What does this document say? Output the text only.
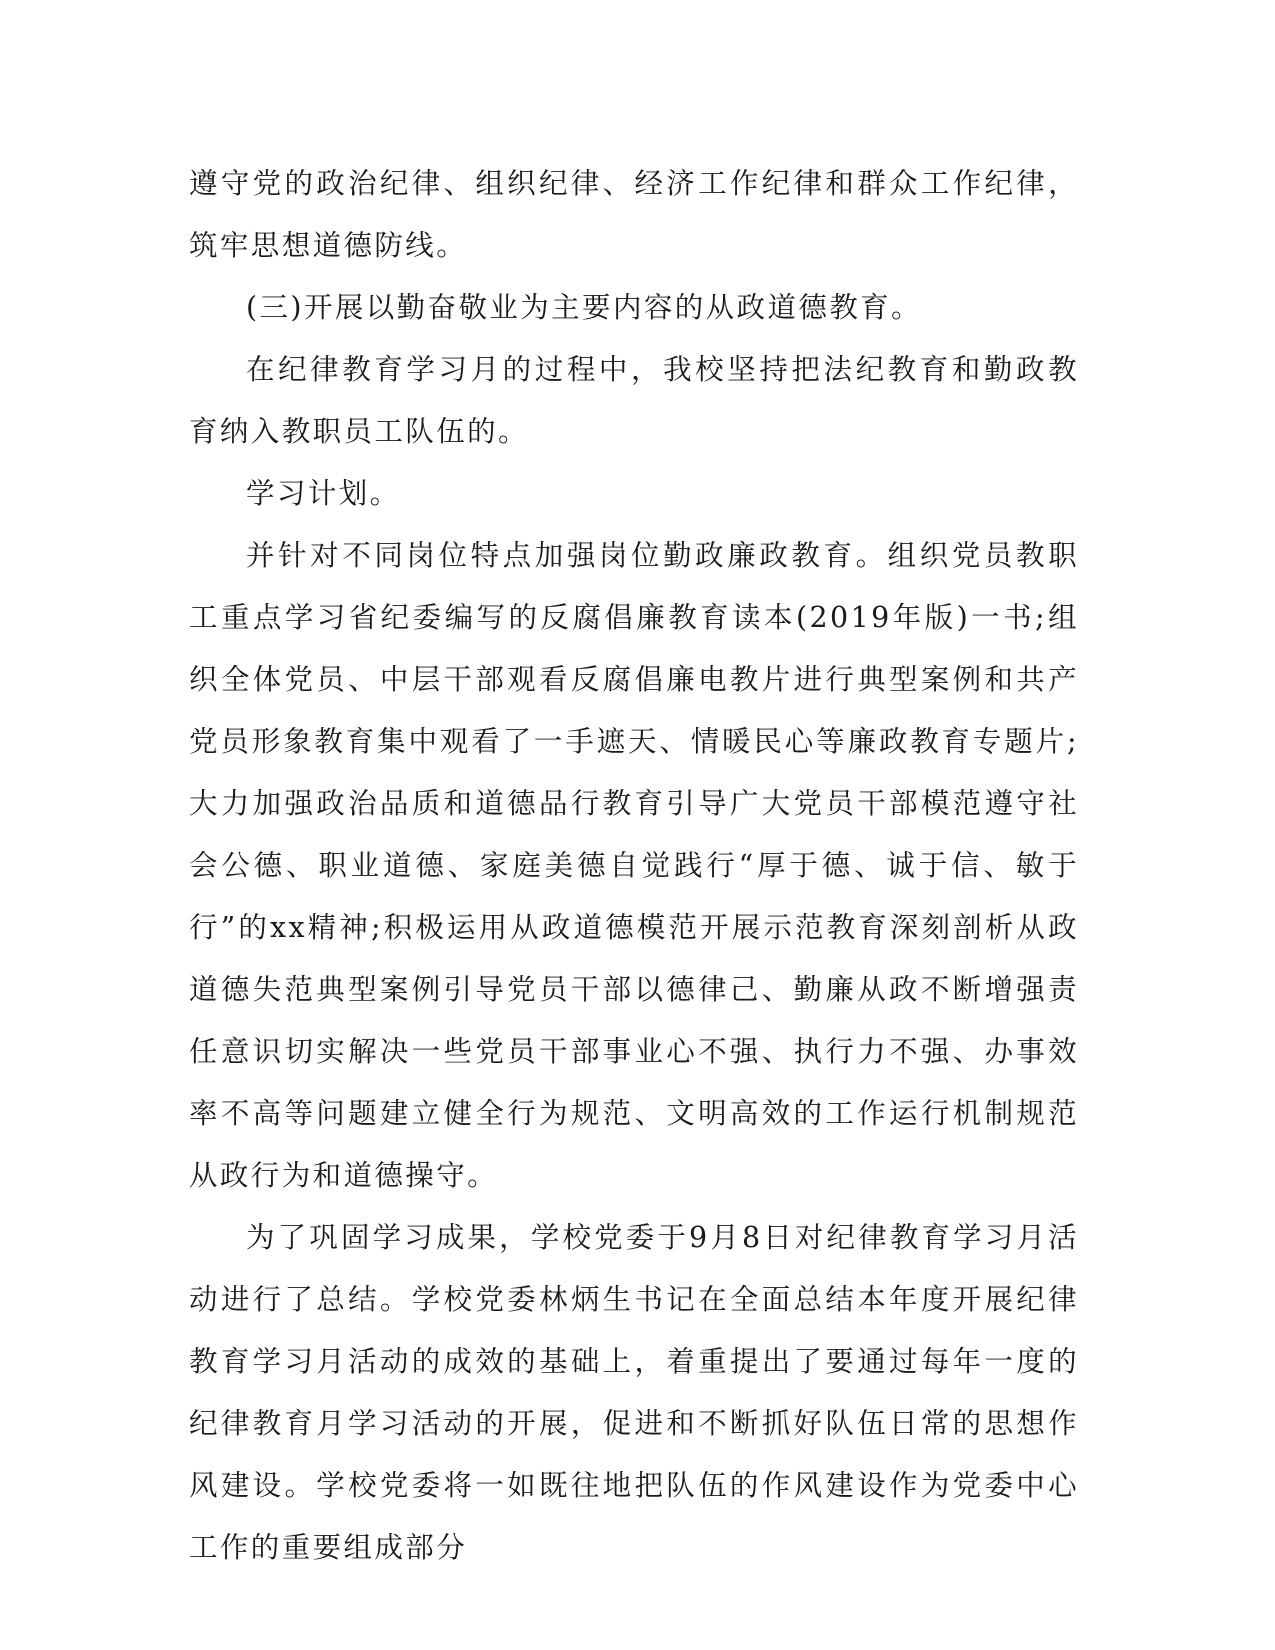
遵守党的政治纪律、组织纪律、经济工作纪律和群众工作纪律，筑牢思想道德防线。

(三)开展以勤奋敬业为主要内容的从政道德教育。

在纪律教育学习月的过程中，我校坚持把法纪教育和勤政教育纳入教职员工队伍的。

学习计划。

并针对不同岗位特点加强岗位勤政廉政教育。组织党员教职工重点学习省纪委编写的反腐倡廉教育读本(2019年版)一书;组织全体党员、中层干部观看反腐倡廉电教片进行典型案例和共产党员形象教育集中观看了一手遮天、情暖民心等廉政教育专题片;大力加强政治品质和道德品行教育引导广大党员干部模范遵守社会公德、职业道德、家庭美德自觉践行“厚于德、诚于信、敏于行”的xx精神;积极运用从政道德模范开展示范教育深刻剖析从政道德失范典型案例引导党员干部以德律己、勤廉从政不断增强责任意识切实解决一些党员干部事业心不强、执行力不强、办事效率不高等问题建立健全行为规范、文明高效的工作运行机制规范从政行为和道德操守。

为了巩固学习成果，学校党委于9月8日对纪律教育学习月活动进行了总结。学校党委林炳生书记在全面总结本年度开展纪律教育学习月活动的成效的基础上，着重提出了要通过每年一度的纪律教育月学习活动的开展，促进和不断抓好队伍日常的思想作风建设。学校党委将一如既往地把队伍的作风建设作为党委中心工作的重要组成部分
